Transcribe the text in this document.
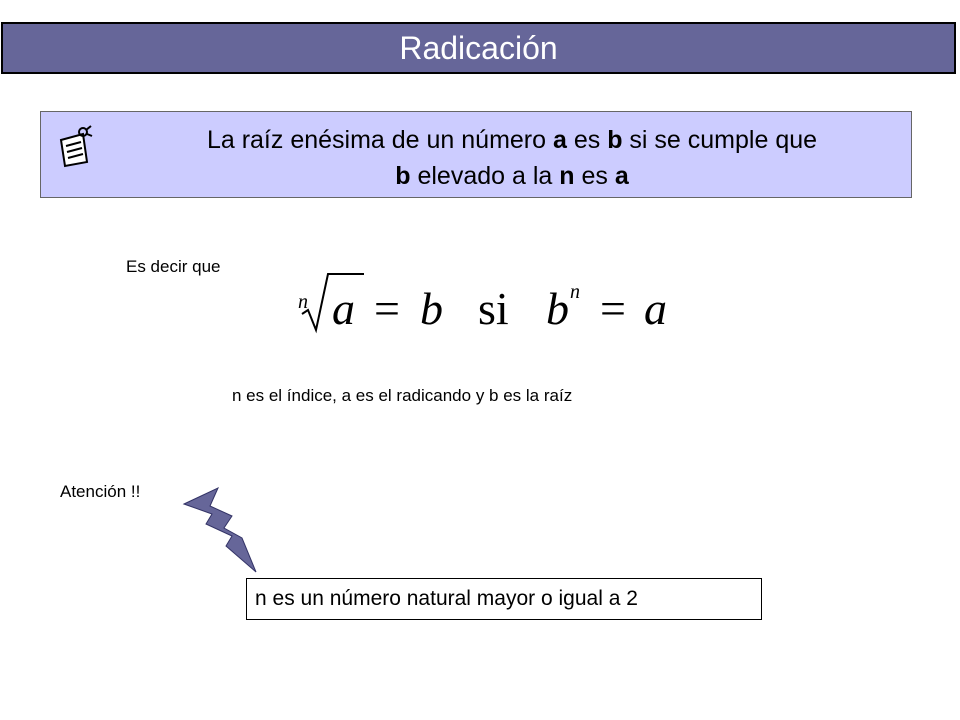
Radicación
La raíz enésima de un número a es b si se cumple que
b elevado a la n es a
Es decir que
n a = b si b n = a
n es el índice, a es el radicando y b es la raíz
Atención !!
n es un número natural mayor o igual a 2
